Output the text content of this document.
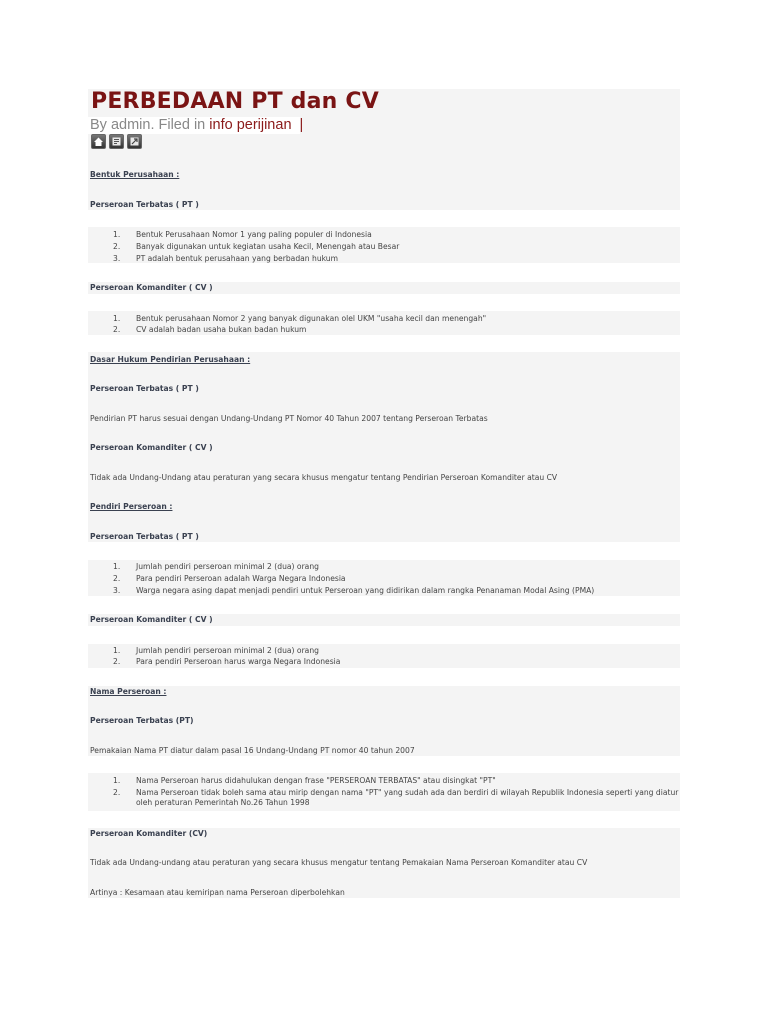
PERBEDAAN PT dan CV
By admin. Filed in info perijinan |
Bentuk Perusahaan :
Perseroan Terbatas ( PT )
1.	Bentuk Perusahaan Nomor 1 yang paling populer di Indonesia
2.	Banyak digunakan untuk kegiatan usaha Kecil, Menengah atau Besar
3.	PT adalah bentuk perusahaan yang berbadan hukum
Perseroan Komanditer ( CV )
1.	Bentuk perusahaan Nomor 2 yang banyak digunakan olel UKM "usaha kecil dan menengah"
2.	CV adalah badan usaha bukan badan hukum
Dasar Hukum Pendirian Perusahaan :
Perseroan Terbatas ( PT )
Pendirian PT harus sesuai dengan Undang-Undang PT Nomor 40 Tahun 2007 tentang Perseroan Terbatas
Perseroan Komanditer ( CV )
Tidak ada Undang-Undang atau peraturan yang secara khusus mengatur tentang Pendirian Perseroan Komanditer atau CV
Pendiri Perseroan :
Perseroan Terbatas ( PT )
1.	Jumlah pendiri perseroan minimal 2 (dua) orang
2.	Para pendiri Perseroan adalah Warga Negara Indonesia
3.	Warga negara asing dapat menjadi pendiri untuk Perseroan yang didirikan dalam rangka Penanaman Modal Asing (PMA)
Perseroan Komanditer ( CV )
1.	Jumlah pendiri perseroan minimal 2 (dua) orang
2.	Para pendiri Perseroan harus warga Negara Indonesia
Nama Perseroan :
Perseroan Terbatas (PT)
Pemakaian Nama PT diatur dalam pasal 16 Undang-Undang PT nomor 40 tahun 2007
1.	Nama Perseroan harus didahulukan dengan frase "PERSEROAN TERBATAS" atau disingkat "PT"
2.	Nama Perseroan tidak boleh sama atau mirip dengan nama "PT" yang sudah ada dan berdiri di wilayah Republik Indonesia seperti yang diatur oleh peraturan Pemerintah No.26 Tahun 1998
Perseroan Komanditer (CV)
Tidak ada Undang-undang atau peraturan yang secara khusus mengatur tentang Pemakaian Nama Perseroan Komanditer atau CV
Artinya : Kesamaan atau kemiripan nama Perseroan diperbolehkan
